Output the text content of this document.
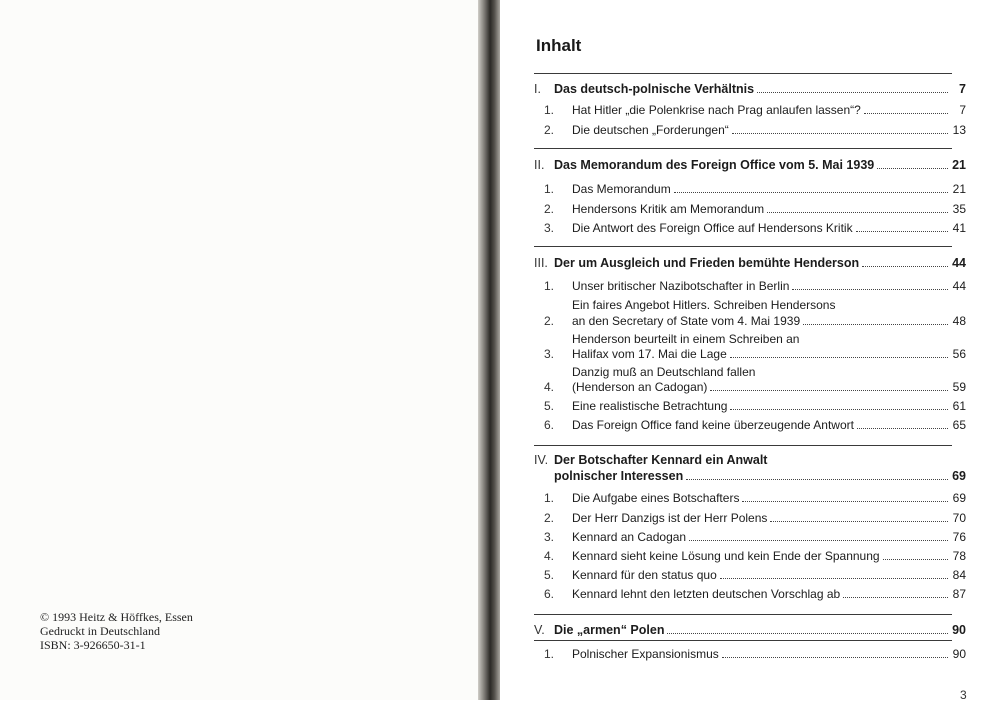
© 1993 Heitz & Höffkes, Essen
Gedruckt in Deutschland
ISBN: 3-926650-31-1
Inhalt
I.	Das deutsch-polnische Verhältnis	7
1. Hat Hitler „die Polenkrise nach Prag anlaufen lassen“?	7
2. Die deutschen „Forderungen“	13
II. Das Memorandum des Foreign Office vom 5. Mai 1939	21
1. Das Memorandum	21
2. Hendersons Kritik am Memorandum	35
3. Die Antwort des Foreign Office auf Hendersons Kritik	41
III. Der um Ausgleich und Frieden bemühte Henderson	44
1. Unser britischer Nazibotschafter in Berlin	44
Ein faires Angebot Hitlers. Schreiben Hendersons
2. an den Secretary of State vom 4. Mai 1939	48
Henderson beurteilt in einem Schreiben an
3. Halifax vom 17. Mai die Lage	56
Danzig muß an Deutschland fallen
4. (Henderson an Cadogan)	59
5. Eine realistische Betrachtung	61
6. Das Foreign Office fand keine überzeugende Antwort	65
IV. Der Botschafter Kennard ein Anwalt
polnischer Interessen	69
1. Die Aufgabe eines Botschafters	69
2. Der Herr Danzigs ist der Herr Polens	70
3. Kennard an Cadogan	76
4. Kennard sieht keine Lösung und kein Ende der Spannung	78
5. Kennard für den status quo	84
6. Kennard lehnt den letzten deutschen Vorschlag ab	87
V. Die „armen“ Polen	90
1. Polnischer Expansionismus	90
3
